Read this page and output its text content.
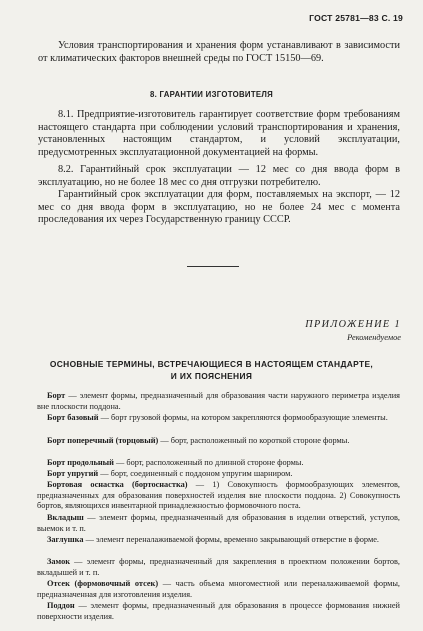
ГОСТ 25781—83 С. 19
Условия транспортирования и хранения форм устанавливают в зависимости от климатических факторов внешней среды по ГОСТ 15150—69.
8. ГАРАНТИИ ИЗГОТОВИТЕЛЯ
8.1. Предприятие-изготовитель гарантирует соответствие форм требованиям настоящего стандарта при соблюдении условий транспортирования и хранения, установленных настоящим стандартом, и условий эксплуатации, предусмотренных эксплуатационной документацией на формы.
8.2. Гарантийный срок эксплуатации — 12 мес со дня ввода форм в эксплуатацию, но не более 18 мес со дня отгрузки потребителю.
Гарантийный срок эксплуатации для форм, поставляемых на экспорт, — 12 мес со дня ввода форм в эксплуатацию, но не более 24 мес с момента проследования их через Государственную границу СССР.
ПРИЛОЖЕНИЕ 1
Рекомендуемое
ОСНОВНЫЕ ТЕРМИНЫ, ВСТРЕЧАЮЩИЕСЯ В НАСТОЯЩЕМ СТАНДАРТЕ,
И ИХ ПОЯСНЕНИЯ
Борт — элемент формы, предназначенный для образования части наружного периметра изделия вне плоскости поддона.
Борт базовый — борт грузовой формы, на котором закрепляются формообразующие элементы.
Борт поперечный (торцовый) — борт, расположенный по короткой стороне формы.
Борт продольный — борт, расположенный по длинной стороне формы.
Борт упругий — борт, соединенный с поддоном упругим шарниром.
Бортовая оснастка (бортоснастка) — 1) Совокупность формообразующих элементов, предназначенных для образования поверхностей изделия вне плоскости поддона. 2) Совокупность бортов, являющихся инвентарной принадлежностью формовочного поста.
Вкладыш — элемент формы, предназначенный для образования в изделии отверстий, уступов, выемок и т. п.
Заглушка — элемент переналаживаемой формы, временно закрывающий отверстие в форме.
Замок — элемент формы, предназначенный для закрепления в проектном положении бортов, вкладышей и т. п.
Отсек (формовочный отсек) — часть объема многоместной или переналаживаемой формы, предназначенная для изготовления изделия.
Поддон — элемент формы, предназначенный для образования в процессе формования нижней поверхности изделия.
